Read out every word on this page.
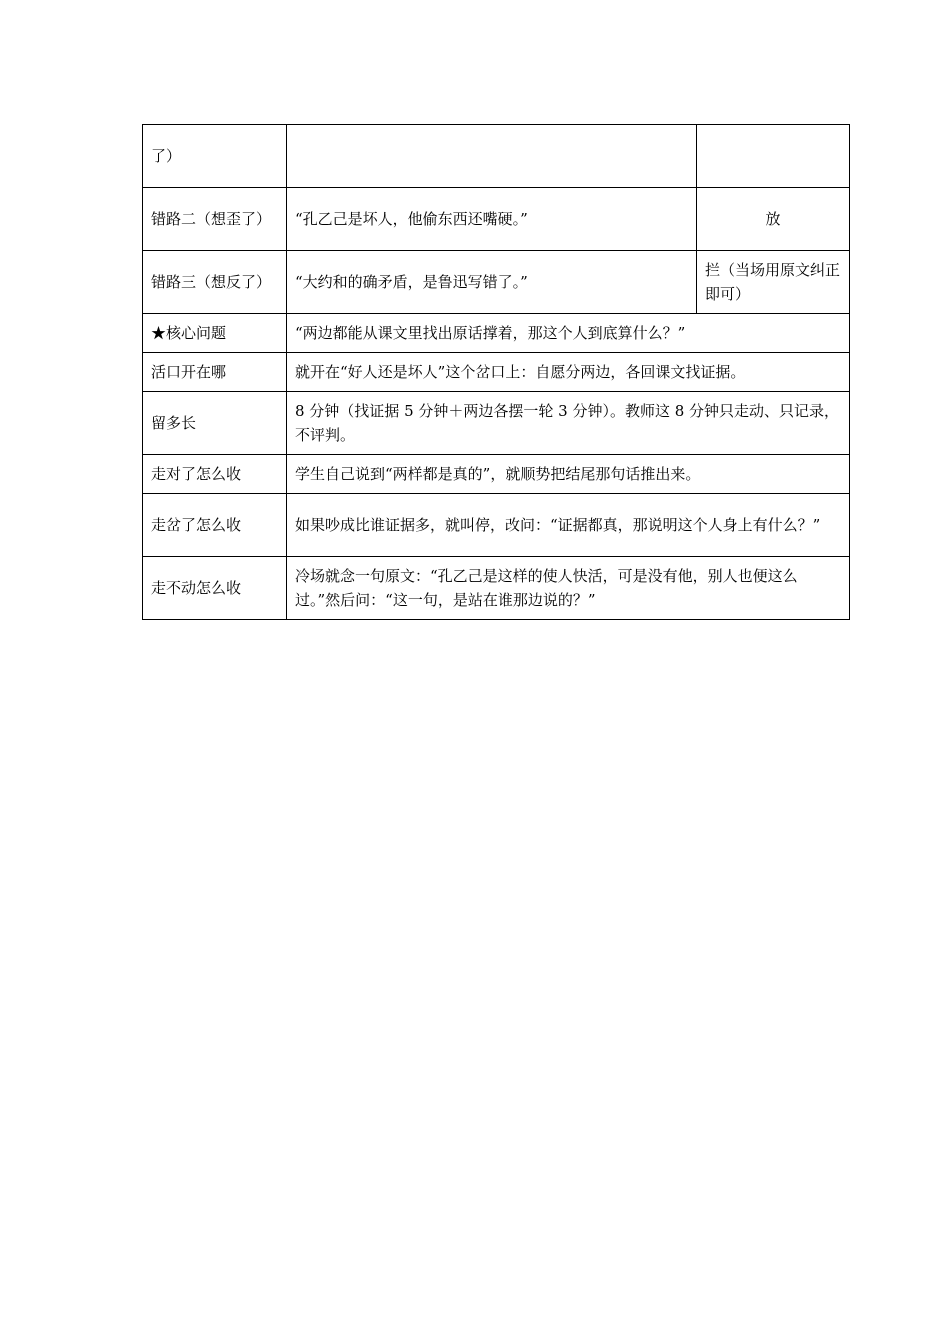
了）		
错路二（想歪了）	“孔乙己是坏人，他偷东西还嘴硬。”	放
错路三（想反了）	“大约和的确矛盾，是鲁迅写错了。”	拦（当场用原文纠正即可）
★核心问题	“两边都能从课文里找出原话撑着，那这个人到底算什么？”	
活口开在哪	就开在“好人还是坏人”这个岔口上：自愿分两边，各回课文找证据。	
留多长	8 分钟（找证据 5 分钟＋两边各摆一轮 3 分钟）。教师这 8 分钟只走动、只记录，不评判。	
走对了怎么收	学生自己说到“两样都是真的”，就顺势把结尾那句话推出来。	
走岔了怎么收	如果吵成比谁证据多，就叫停，改问：“证据都真，那说明这个人身上有什么？”	
走不动怎么收	冷场就念一句原文：“孔乙己是这样的使人快活，可是没有他，别人也便这么过。”然后问：“这一句，是站在谁那边说的？”	
